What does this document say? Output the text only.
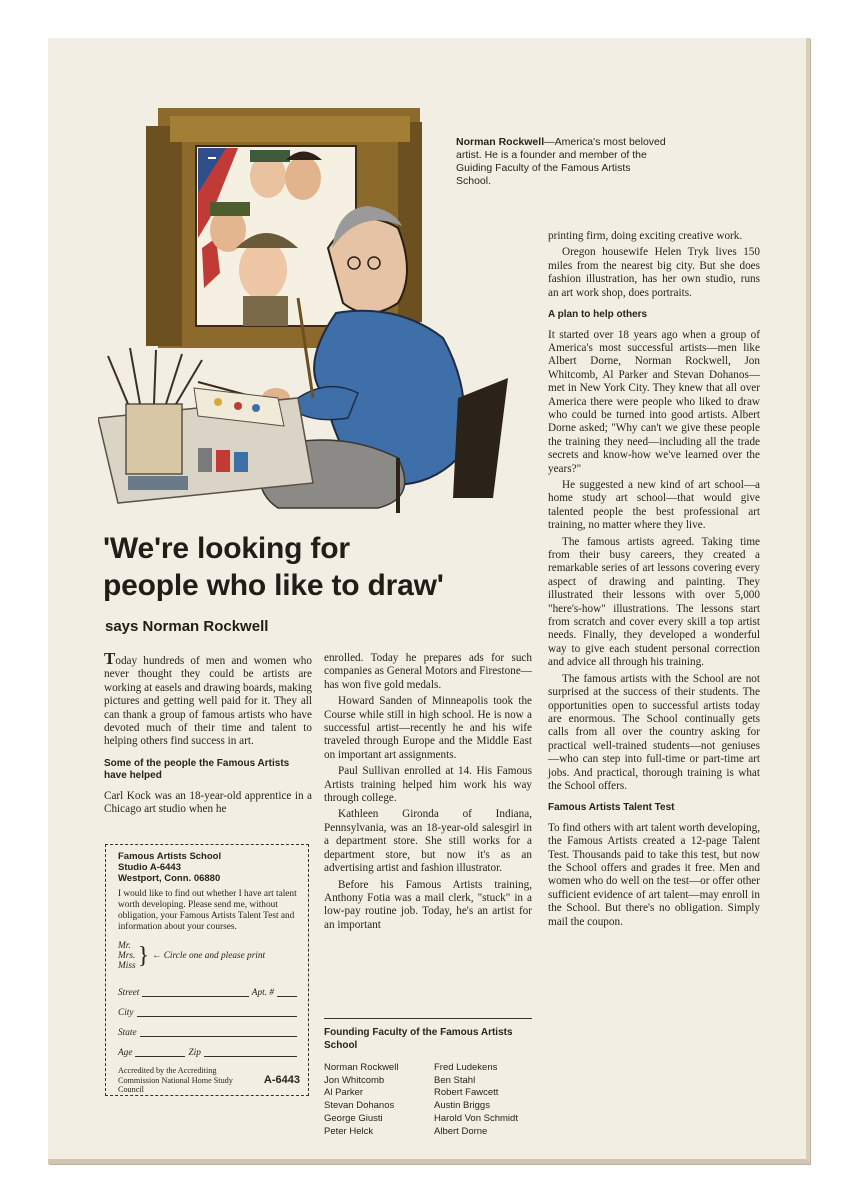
Norman Rockwell—America's most beloved artist. He is a founder and member of the Guiding Faculty of the Famous Artists School.
'We're looking for
people who like to draw'
says Norman Rockwell

Today hundreds of men and women who never thought they could be artists are working at easels and drawing boards, making pictures and getting well paid for it. They all can thank a group of famous artists who have devoted much of their time and talent to helping others find success in art.

Some of the people the Famous Artists have helped

Carl Kock was an 18-year-old apprentice in a Chicago art studio when he

Famous Artists School
Studio A-6443
Westport, Conn. 06880
I would like to find out whether I have art talent worth developing. Please send me, without obligation, your Famous Artists Talent Test and information about your courses.
Mr.
Mrs.
Miss } ← Circle one and please print
Street	Apt. #
City
State
Age	Zip
Accredited by the Accrediting Commission National Home Study Council
A-6443

enrolled. Today he prepares ads for such companies as General Motors and Firestone—has won five gold medals.

Howard Sanden of Minneapolis took the Course while still in high school. He is now a successful artist—recently he and his wife traveled through Europe and the Middle East on important art assignments.

Paul Sullivan enrolled at 14. His Famous Artists training helped him work his way through college.

Kathleen Gironda of Indiana, Pennsylvania, was an 18-year-old salesgirl in a department store. She still works for a department store, but now it's as an advertising artist and fashion illustrator.

Before his Famous Artists training, Anthony Fotia was a mail clerk, "stuck" in a low-pay routine job. Today, he's an artist for an important

Founding Faculty of the Famous Artists School
Norman Rockwell
Jon Whitcomb
Al Parker
Stevan Dohanos
George Giusti
Peter Helck
Fred Ludekens
Ben Stahl
Robert Fawcett
Austin Briggs
Harold Von Schmidt
Albert Dorne

printing firm, doing exciting creative work.

Oregon housewife Helen Tryk lives 150 miles from the nearest big city. But she does fashion illustration, has her own studio, runs an art work shop, does portraits.

A plan to help others

It started over 18 years ago when a group of America's most successful artists—men like Albert Dorne, Norman Rockwell, Jon Whitcomb, Al Parker and Stevan Dohanos—met in New York City. They knew that all over America there were people who liked to draw who could be turned into good artists. Albert Dorne asked; "Why can't we give these people the training they need—including all the trade secrets and know-how we've learned over the years?"

He suggested a new kind of art school—a home study art school—that would give talented people the best professional art training, no matter where they live.

The famous artists agreed. Taking time from their busy careers, they created a remarkable series of art lessons covering every aspect of drawing and painting. They illustrated their lessons with over 5,000 "here's-how" illustrations. The lessons start from scratch and cover every skill a top artist needs. Finally, they developed a wonderful way to give each student personal correction and advice all through his training.

The famous artists with the School are not surprised at the success of their students. The opportunities open to successful artists today are enormous. The School continually gets calls from all over the country asking for practical well-trained students—not geniuses—who can step into full-time or part-time art jobs. And practical, thorough training is what the School offers.

Famous Artists Talent Test

To find others with art talent worth developing, the Famous Artists created a 12-page Talent Test. Thousands paid to take this test, but now the School offers and grades it free. Men and women who do well on the test—or offer other sufficient evidence of art talent—may enroll in the School. But there's no obligation. Simply mail the coupon.
